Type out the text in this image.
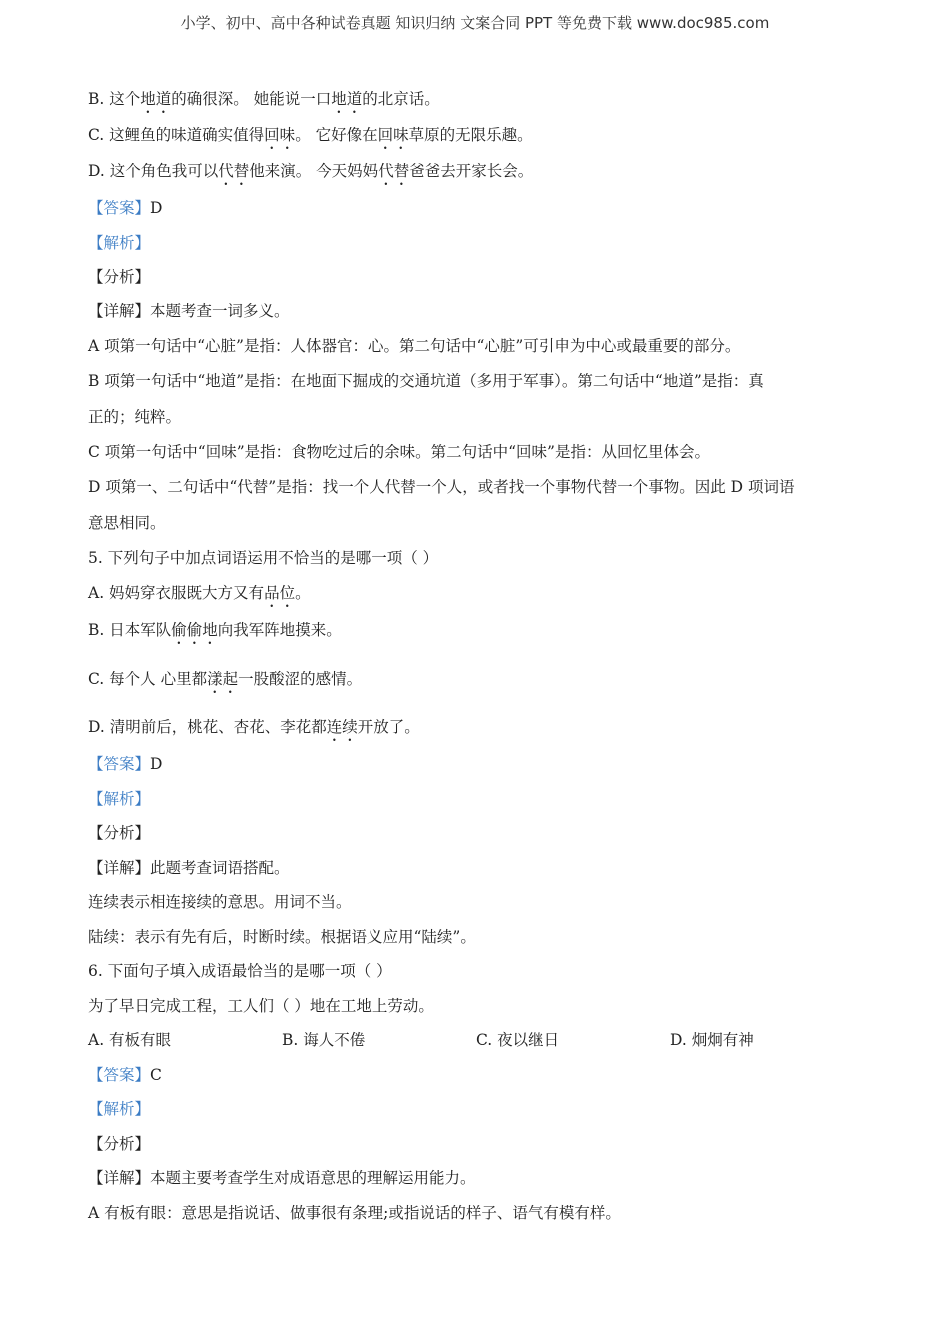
小学、初中、高中各种试卷真题 知识归纳 文案合同 PPT 等免费下载 www.doc985.com
B. 这个地道的确很深。 她能说一口地道的北京话。
C. 这鲤鱼的味道确实值得回味。 它好像在回味草原的无限乐趣。
D. 这个角色我可以代替他来演。 今天妈妈代替爸爸去开家长会。
【答案】D
【解析】
【分析】
【详解】本题考查一词多义。
A 项第一句话中“心脏”是指：人体器官：心。第二句话中“心脏”可引申为中心或最重要的部分。
B 项第一句话中“地道”是指：在地面下掘成的交通坑道（多用于军事）。第二句话中“地道”是指：真
正的；纯粹。
C 项第一句话中“回味”是指：食物吃过后的余味。第二句话中“回味”是指：从回忆里体会。
D 项第一、二句话中“代替”是指：找一个人代替一个人，或者找一个事物代替一个事物。因此 D 项词语
意思相同。
5. 下列句子中加点词语运用不恰当的是哪一项（ ）
A. 妈妈穿衣服既大方又有品位。
B. 日本军队偷偷地向我军阵地摸来。
C. 每个人 心里都漾起一股酸涩的感情。
D. 清明前后，桃花、杏花、李花都连续开放了。
【答案】D
【解析】
【分析】
【详解】此题考查词语搭配。
连续表示相连接续的意思。用词不当。
陆续：表示有先有后，时断时续。根据语义应用“陆续”。
6. 下面句子填入成语最恰当的是哪一项（ ）
为了早日完成工程，工人们（ ）地在工地上劳动。
A. 有板有眼	B. 诲人不倦	C. 夜以继日	D. 炯炯有神
【答案】C
【解析】
【分析】
【详解】本题主要考查学生对成语意思的理解运用能力。
A 有板有眼：意思是指说话、做事很有条理;或指说话的样子、语气有模有样。
